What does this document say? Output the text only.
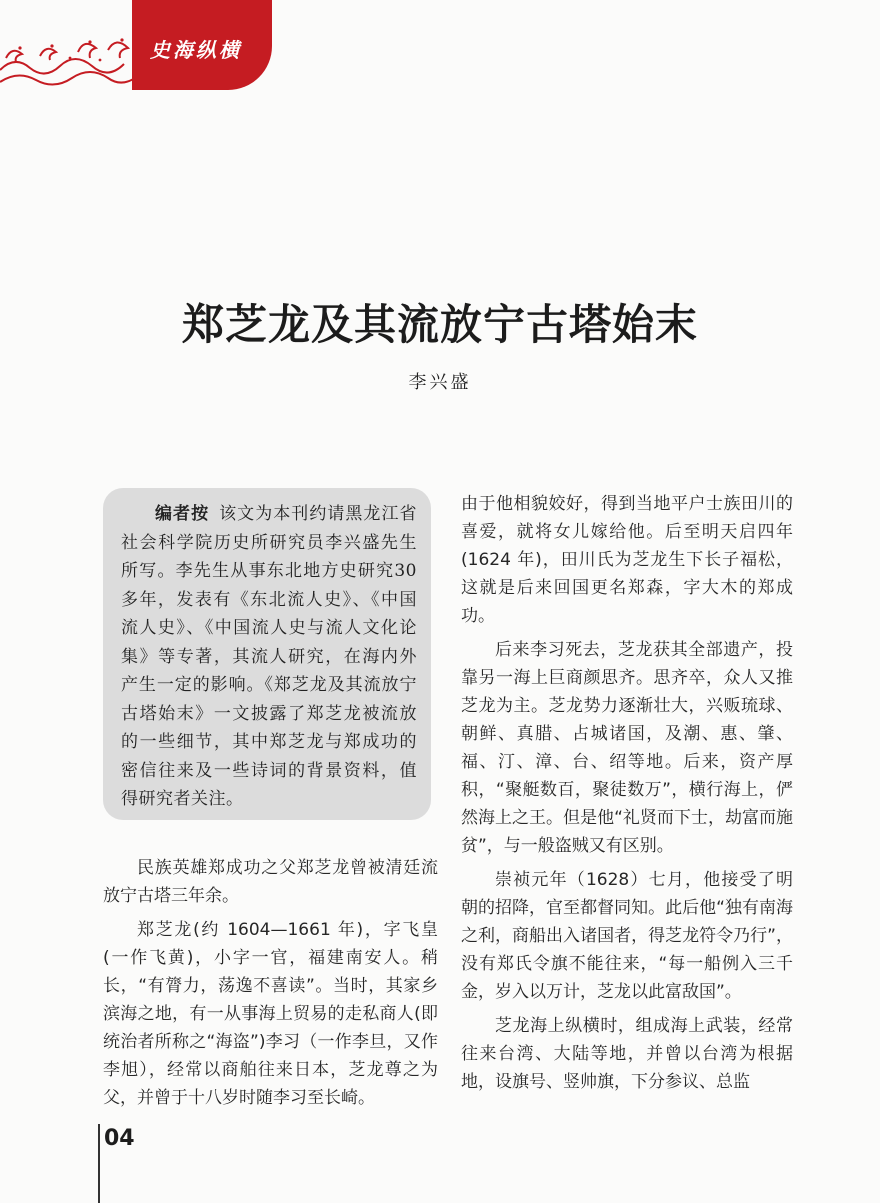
史海纵横
郑芝龙及其流放宁古塔始末
李兴盛

编者按 该文为本刊约请黑龙江省社会科学院历史所研究员李兴盛先生所写。李先生从事东北地方史研究30多年，发表有《东北流人史》、《中国流人史》、《中国流人史与流人文化论集》等专著，其流人研究，在海内外产生一定的影响。《郑芝龙及其流放宁古塔始末》一文披露了郑芝龙被流放的一些细节，其中郑芝龙与郑成功的密信往来及一些诗词的背景资料，值得研究者关注。

民族英雄郑成功之父郑芝龙曾被清廷流放宁古塔三年余。

郑芝龙(约 1604—1661 年)，字飞皇(一作飞黄)，小字一官，福建南安人。稍长，“有膂力，荡逸不喜读”。当时，其家乡滨海之地，有一从事海上贸易的走私商人(即统治者所称之“海盗”)李习（一作李旦，又作李旭），经常以商舶往来日本，芝龙尊之为父，并曾于十八岁时随李习至长崎。

由于他相貌姣好，得到当地平户士族田川的喜爱，就将女儿嫁给他。后至明天启四年(1624 年)，田川氏为芝龙生下长子福松，这就是后来回国更名郑森，字大木的郑成功。

后来李习死去，芝龙获其全部遗产，投靠另一海上巨商颜思齐。思齐卒，众人又推芝龙为主。芝龙势力逐渐壮大，兴贩琉球、朝鲜、真腊、占城诸国，及潮、惠、肇、福、汀、漳、台、绍等地。后来，资产厚积，“聚艇数百，聚徒数万”，横行海上，俨然海上之王。但是他“礼贤而下士，劫富而施贫”，与一般盗贼又有区别。

崇祯元年（1628）七月，他接受了明朝的招降，官至都督同知。此后他“独有南海之利，商船出入诸国者，得芝龙符令乃行”，没有郑氏令旗不能往来，“每一船例入三千金，岁入以万计，芝龙以此富敌国”。

芝龙海上纵横时，组成海上武装，经常往来台湾、大陆等地，并曾以台湾为根据地，设旗号、竖帅旗，下分参议、总监

04
